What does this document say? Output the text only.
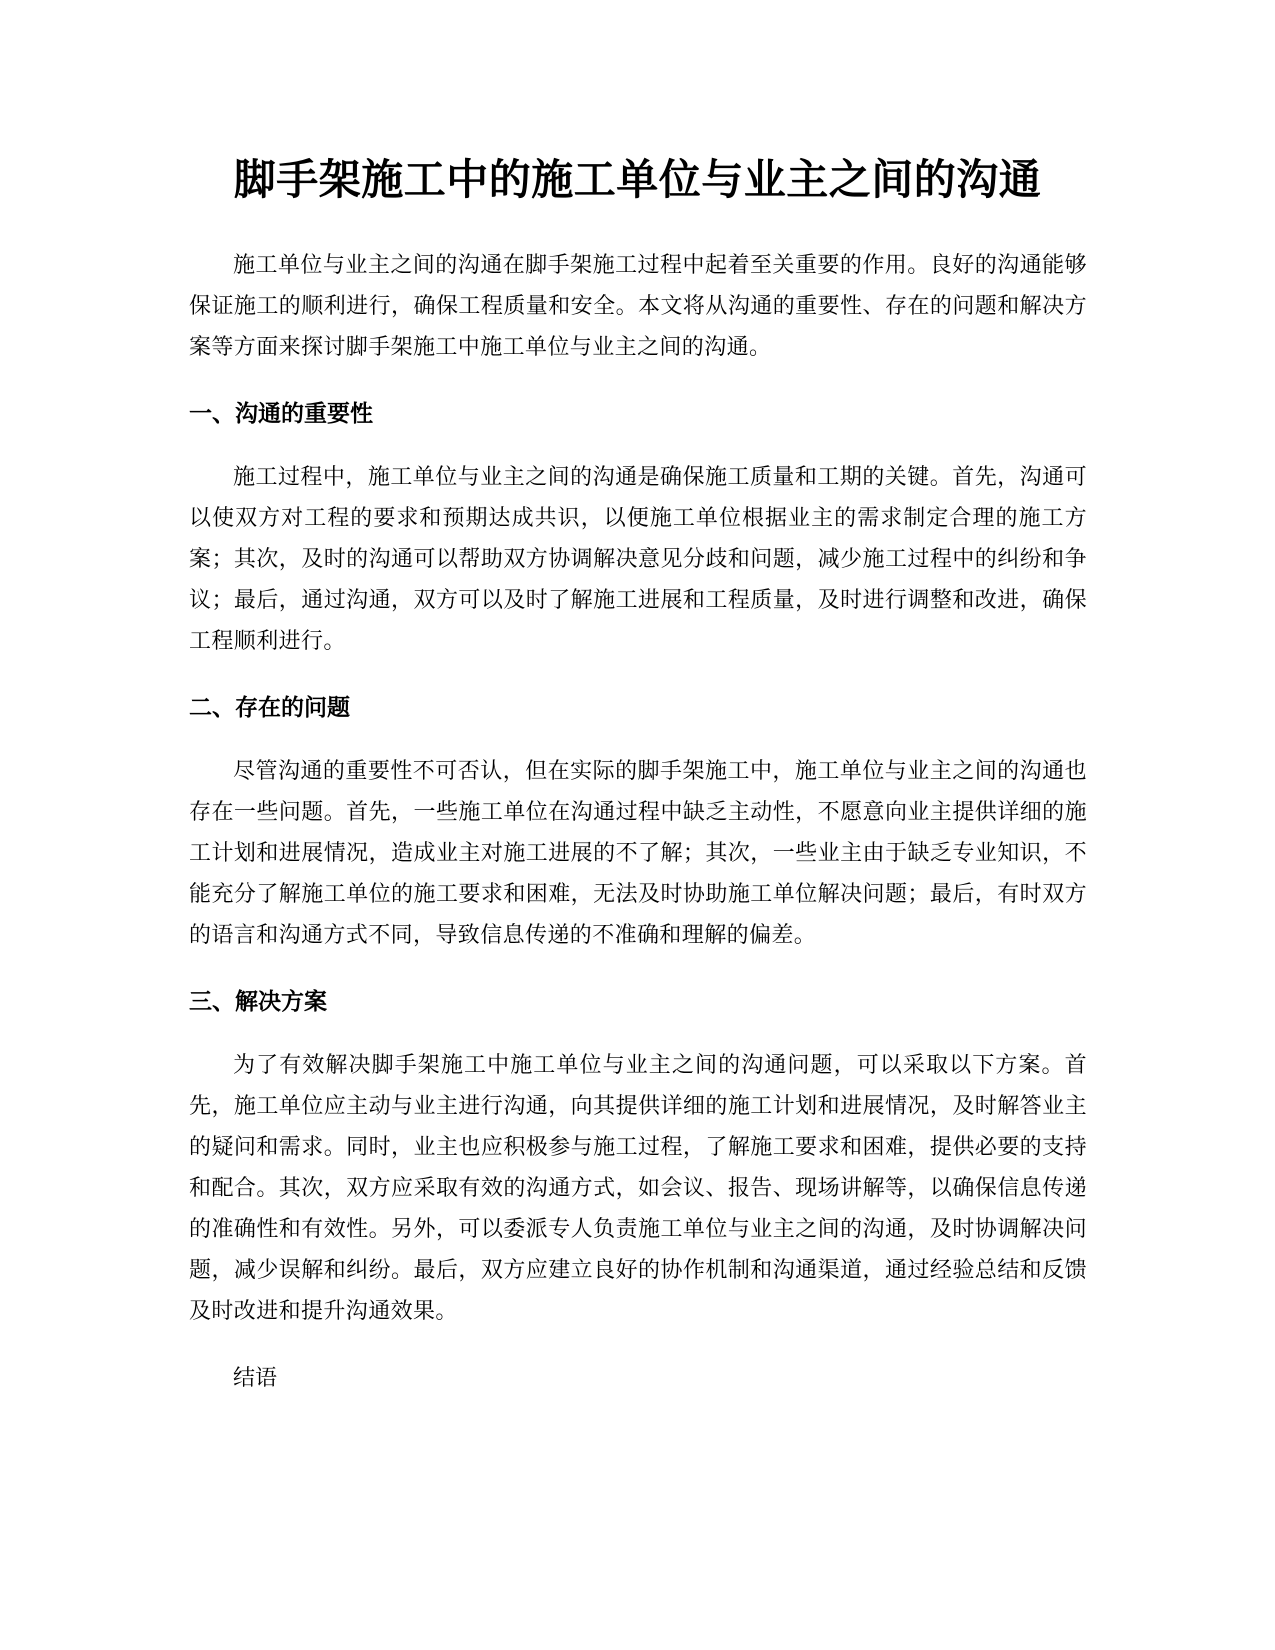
脚手架施工中的施工单位与业主之间的沟通

施工单位与业主之间的沟通在脚手架施工过程中起着至关重要的作用。良好的沟通能够保证施工的顺利进行，确保工程质量和安全。本文将从沟通的重要性、存在的问题和解决方案等方面来探讨脚手架施工中施工单位与业主之间的沟通。

一、沟通的重要性

施工过程中，施工单位与业主之间的沟通是确保施工质量和工期的关键。首先，沟通可以使双方对工程的要求和预期达成共识，以便施工单位根据业主的需求制定合理的施工方案；其次，及时的沟通可以帮助双方协调解决意见分歧和问题，减少施工过程中的纠纷和争议；最后，通过沟通，双方可以及时了解施工进展和工程质量，及时进行调整和改进，确保工程顺利进行。

二、存在的问题

尽管沟通的重要性不可否认，但在实际的脚手架施工中，施工单位与业主之间的沟通也存在一些问题。首先，一些施工单位在沟通过程中缺乏主动性，不愿意向业主提供详细的施工计划和进展情况，造成业主对施工进展的不了解；其次，一些业主由于缺乏专业知识，不能充分了解施工单位的施工要求和困难，无法及时协助施工单位解决问题；最后，有时双方的语言和沟通方式不同，导致信息传递的不准确和理解的偏差。

三、解决方案

为了有效解决脚手架施工中施工单位与业主之间的沟通问题，可以采取以下方案。首先，施工单位应主动与业主进行沟通，向其提供详细的施工计划和进展情况，及时解答业主的疑问和需求。同时，业主也应积极参与施工过程，了解施工要求和困难，提供必要的支持和配合。其次，双方应采取有效的沟通方式，如会议、报告、现场讲解等，以确保信息传递的准确性和有效性。另外，可以委派专人负责施工单位与业主之间的沟通，及时协调解决问题，减少误解和纠纷。最后，双方应建立良好的协作机制和沟通渠道，通过经验总结和反馈及时改进和提升沟通效果。

结语
